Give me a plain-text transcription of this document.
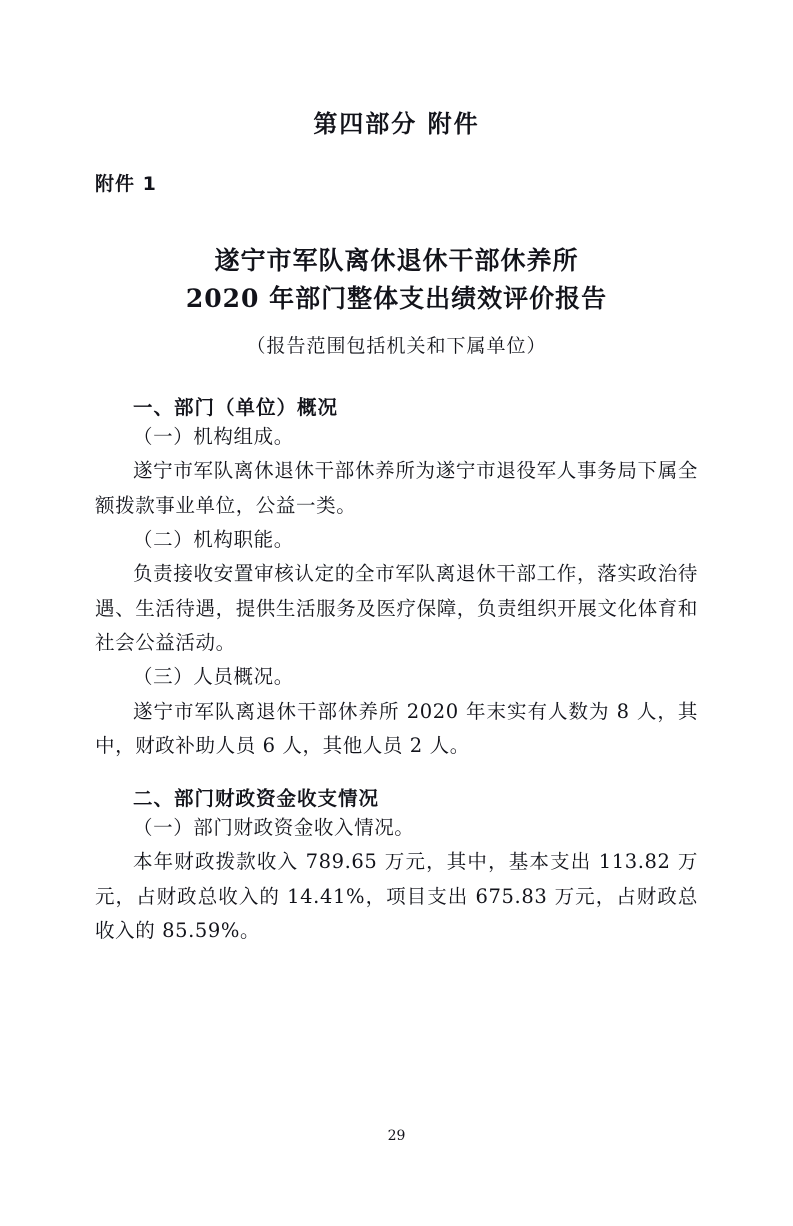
第四部分 附件
附件 1
遂宁市军队离休退休干部休养所
2020 年部门整体支出绩效评价报告
（报告范围包括机关和下属单位）
一、部门（单位）概况

（一）机构组成。

遂宁市军队离休退休干部休养所为遂宁市退役军人事务局下属全额拨款事业单位，公益一类。

（二）机构职能。

负责接收安置审核认定的全市军队离退休干部工作，落实政治待遇、生活待遇，提供生活服务及医疗保障，负责组织开展文化体育和社会公益活动。

（三）人员概况。

遂宁市军队离退休干部休养所 2020 年末实有人数为 8 人，其中，财政补助人员 6 人，其他人员 2 人。

二、部门财政资金收支情况

（一）部门财政资金收入情况。

本年财政拨款收入 789.65 万元，其中，基本支出 113.82 万元，占财政总收入的 14.41%，项目支出 675.83 万元，占财政总收入的 85.59%。

29
